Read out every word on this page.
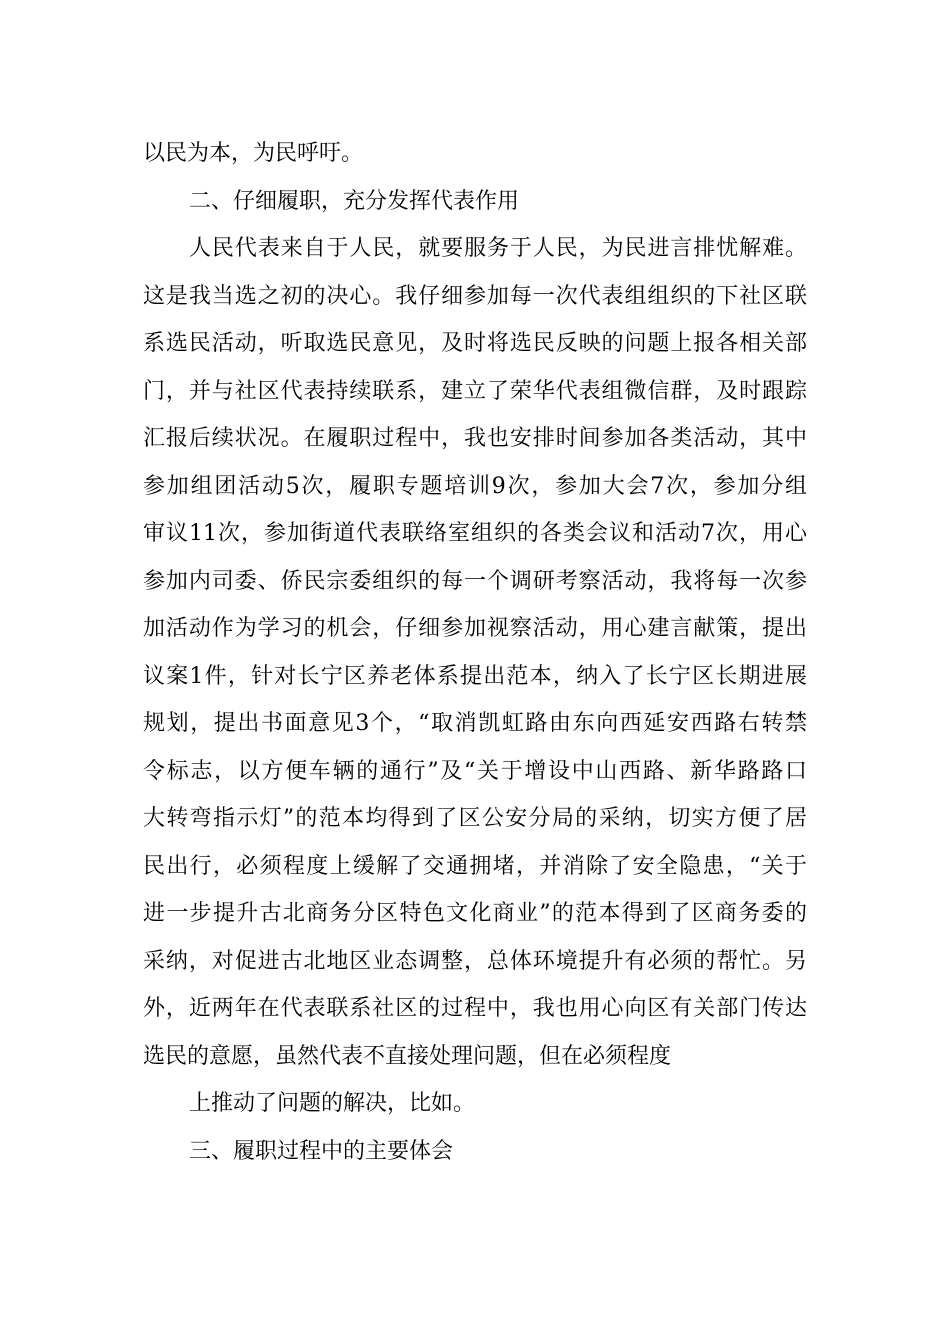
以民为本，为民呼吁。
二、仔细履职，充分发挥代表作用
人民代表来自于人民，就要服务于人民，为民进言排忧解难。
这是我当选之初的决心。我仔细参加每一次代表组组织的下社区联
系选民活动，听取选民意见，及时将选民反映的问题上报各相关部
门，并与社区代表持续联系，建立了荣华代表组微信群，及时跟踪
汇报后续状况。在履职过程中，我也安排时间参加各类活动，其中
参加组团活动5次，履职专题培训9次，参加大会7次，参加分组
审议11次，参加街道代表联络室组织的各类会议和活动7次，用心
参加内司委、侨民宗委组织的每一个调研考察活动，我将每一次参
加活动作为学习的机会，仔细参加视察活动，用心建言献策，提出
议案1件，针对长宁区养老体系提出范本，纳入了长宁区长期进展
规划，提出书面意见3个，“取消凯虹路由东向西延安西路右转禁
令标志，以方便车辆的通行”及“关于增设中山西路、新华路路口
大转弯指示灯”的范本均得到了区公安分局的采纳，切实方便了居
民出行，必须程度上缓解了交通拥堵，并消除了安全隐患，“关于
进一步提升古北商务分区特色文化商业”的范本得到了区商务委的
采纳，对促进古北地区业态调整，总体环境提升有必须的帮忙。另
外，近两年在代表联系社区的过程中，我也用心向区有关部门传达
选民的意愿，虽然代表不直接处理问题，但在必须程度
上推动了问题的解决，比如。
三、履职过程中的主要体会
